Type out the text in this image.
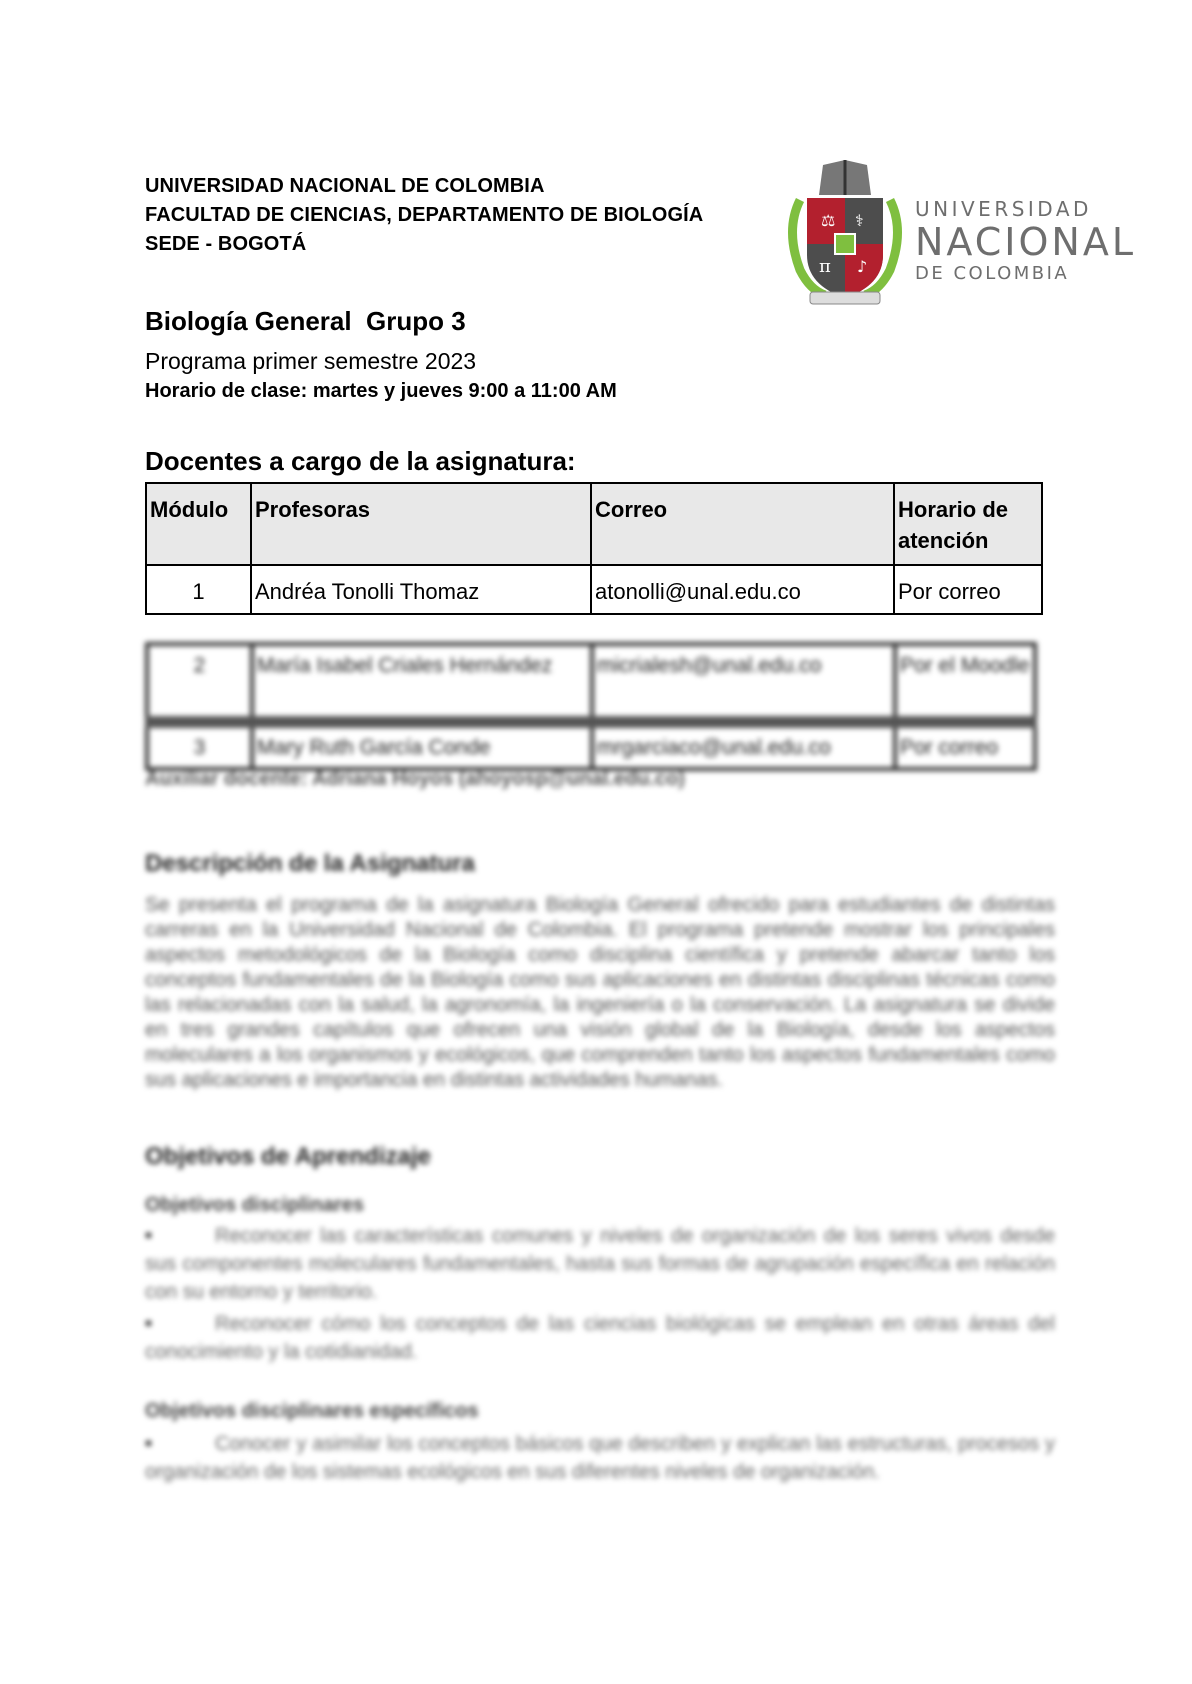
UNIVERSIDAD NACIONAL DE COLOMBIA
FACULTAD DE CIENCIAS, DEPARTAMENTO DE BIOLOGÍA
SEDE - BOGOTÁ
⚖ ⚕
π ♪
UNIVERSIDAD
NACIONAL
DE COLOMBIA
Biología General  Grupo 3
Programa primer semestre 2023
Horario de clase: martes y jueves 9:00 a 11:00 AM
Docentes a cargo de la asignatura:
Módulo	Profesoras	Correo	Horario de atención
1	Andréa Tonolli Thomaz	atonolli@unal.edu.co	Por correo
2	María Isabel Criales Hernández	micrialesh@unal.edu.co	Por el Moodle
3	Mary Ruth García Conde	mrgarciaco@unal.edu.co	Por correo
Auxiliar docente: Adriana Hoyos (ahoyosp@unal.edu.co)
Descripción de la Asignatura
Se presenta el programa de la asignatura Biología General ofrecido para estudiantes de distintas carreras en la Universidad Nacional de Colombia. El programa pretende mostrar los principales aspectos metodológicos de la Biología como disciplina científica y pretende abarcar tanto los conceptos fundamentales de la Biología como sus aplicaciones en distintas disciplinas técnicas como las relacionadas con la salud, la agronomía, la ingeniería o la conservación. La asignatura se divide en tres grandes capítulos que ofrecen una visión global de la Biología, desde los aspectos moleculares a los organismos y ecológicos, que comprenden tanto los aspectos fundamentales como sus aplicaciones e importancia en distintas actividades humanas.
Objetivos de Aprendizaje
Objetivos disciplinares
•	Reconocer las características comunes y niveles de organización de los seres vivos desde sus componentes moleculares fundamentales, hasta sus formas de agrupación específica en relación con su entorno y territorio.
•	Reconocer cómo los conceptos de las ciencias biológicas se emplean en otras áreas del conocimiento y la cotidianidad.
Objetivos disciplinares específicos
•	Conocer y asimilar los conceptos básicos que describen y explican las estructuras, procesos y organización de los sistemas ecológicos en sus diferentes niveles de organización.
